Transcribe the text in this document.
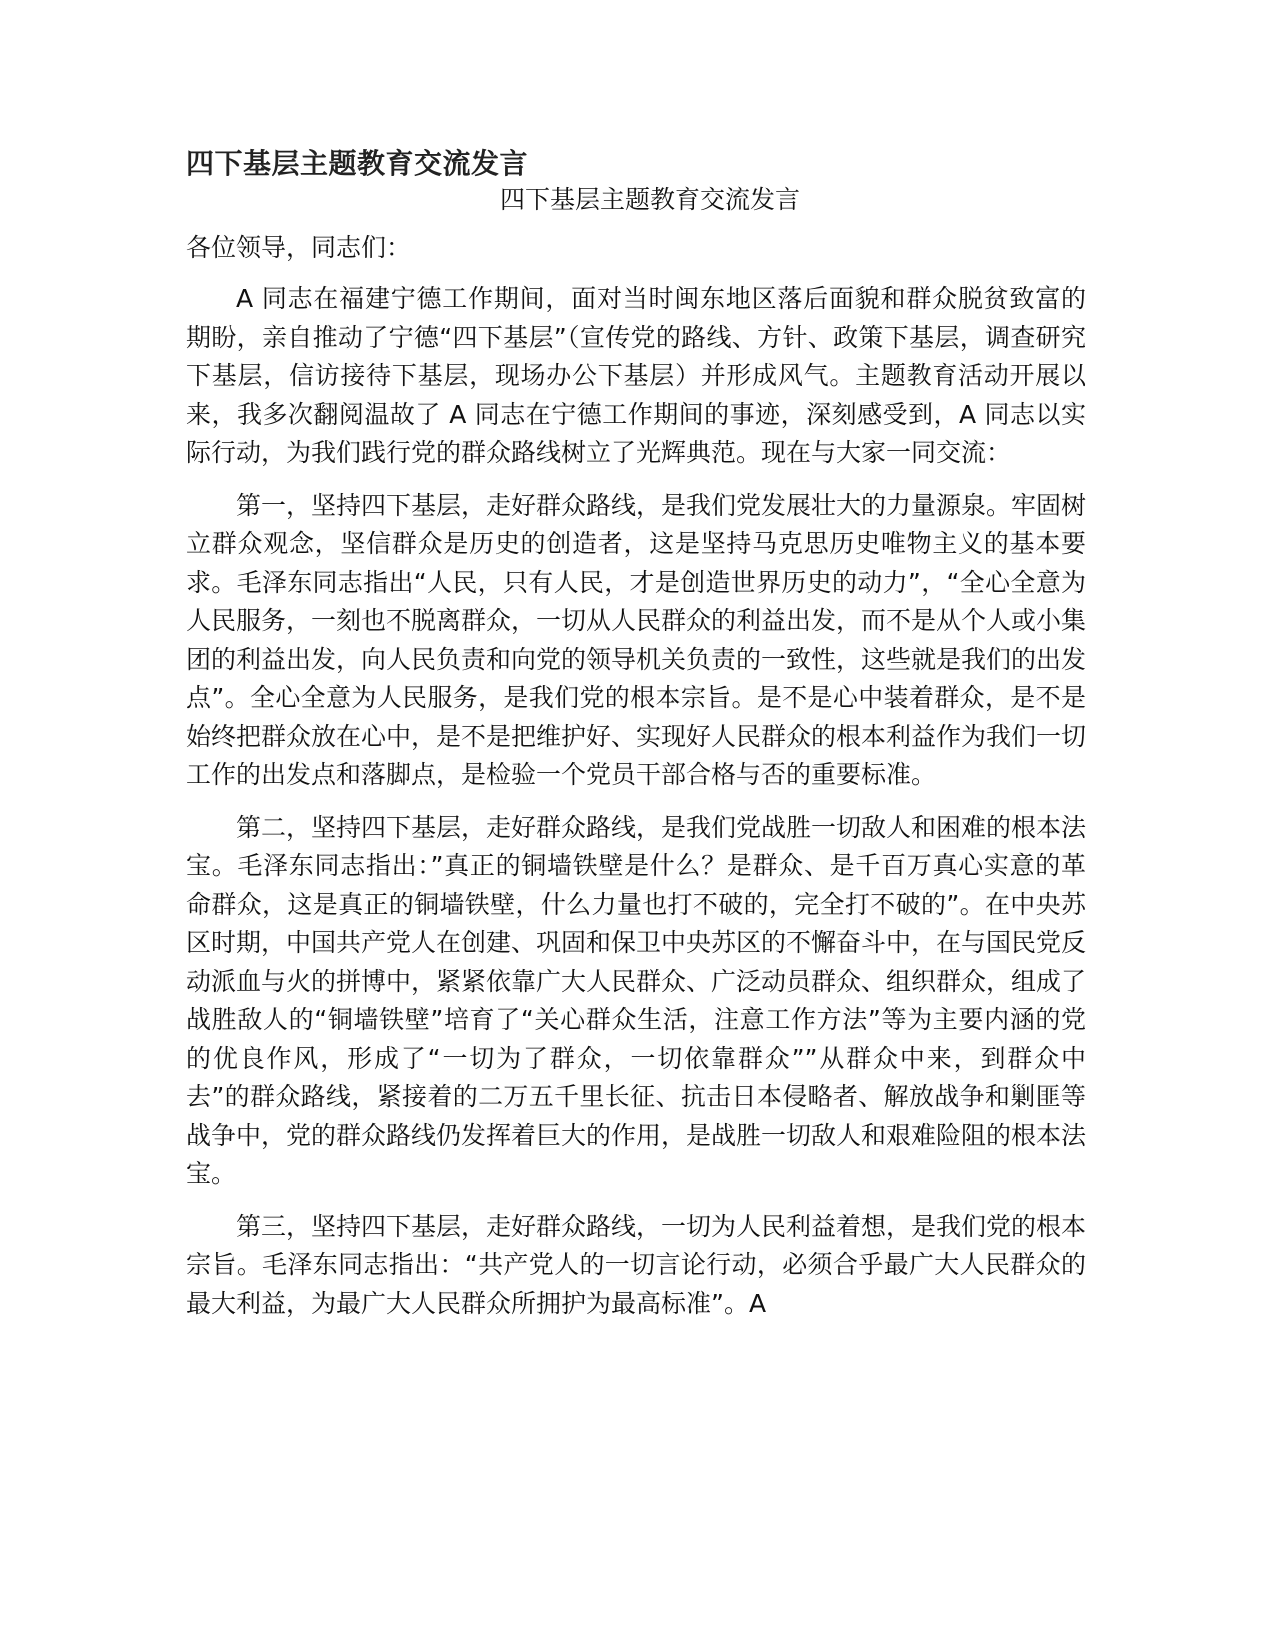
四下基层主题教育交流发言

四下基层主题教育交流发言

各位领导，同志们：

A 同志在福建宁德工作期间，面对当时闽东地区落后面貌和群众脱贫致富的期盼，亲自推动了宁德“四下基层”（宣传党的路线、方针、政策下基层，调查研究下基层，信访接待下基层，现场办公下基层）并形成风气。主题教育活动开展以来，我多次翻阅温故了 A 同志在宁德工作期间的事迹，深刻感受到，A 同志以实际行动，为我们践行党的群众路线树立了光辉典范。现在与大家一同交流：

第一，坚持四下基层，走好群众路线，是我们党发展壮大的力量源泉。牢固树立群众观念，坚信群众是历史的创造者，这是坚持马克思历史唯物主义的基本要求。毛泽东同志指出“人民，只有人民，才是创造世界历史的动力”，“全心全意为人民服务，一刻也不脱离群众，一切从人民群众的利益出发，而不是从个人或小集团的利益出发，向人民负责和向党的领导机关负责的一致性，这些就是我们的出发点”。全心全意为人民服务，是我们党的根本宗旨。是不是心中装着群众，是不是始终把群众放在心中，是不是把维护好、实现好人民群众的根本利益作为我们一切工作的出发点和落脚点，是检验一个党员干部合格与否的重要标准。

第二，坚持四下基层，走好群众路线，是我们党战胜一切敌人和困难的根本法宝。毛泽东同志指出：”真正的铜墙铁壁是什么？是群众、是千百万真心实意的革命群众，这是真正的铜墙铁壁，什么力量也打不破的，完全打不破的”。在中央苏区时期，中国共产党人在创建、巩固和保卫中央苏区的不懈奋斗中，在与国民党反动派血与火的拼博中，紧紧依靠广大人民群众、广泛动员群众、组织群众，组成了战胜敌人的“铜墙铁壁”培育了“关心群众生活，注意工作方法”等为主要内涵的党的优良作风，形成了“一切为了群众，一切依靠群众””从群众中来，到群众中去”的群众路线，紧接着的二万五千里长征、抗击日本侵略者、解放战争和剿匪等战争中，党的群众路线仍发挥着巨大的作用，是战胜一切敌人和艰难险阻的根本法宝。

第三，坚持四下基层，走好群众路线，一切为人民利益着想，是我们党的根本宗旨。毛泽东同志指出：“共产党人的一切言论行动，必须合乎最广大人民群众的最大利益，为最广大人民群众所拥护为最高标准”。A
